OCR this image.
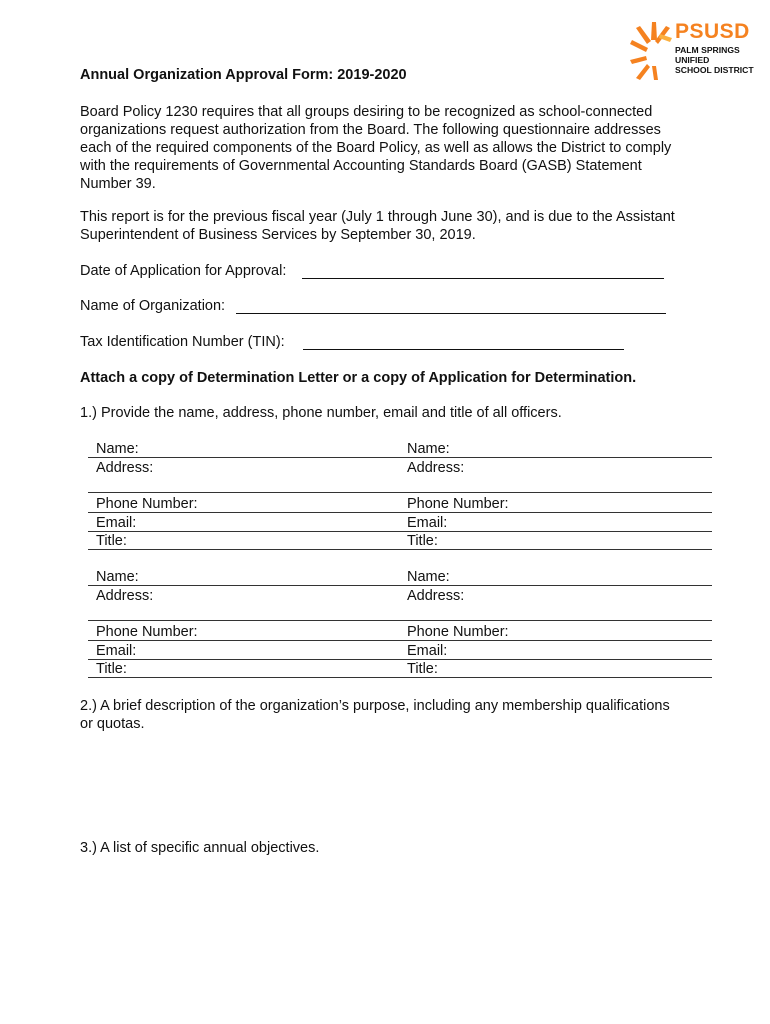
PSUSD
PALM SPRINGS
UNIFIED
SCHOOL DISTRICT
Annual Organization Approval Form: 2019-2020
Board Policy 1230 requires that all groups desiring to be recognized as school-connected organizations request authorization from the Board. The following questionnaire addresses each of the required components of the Board Policy, as well as allows the District to comply with the requirements of Governmental Accounting Standards Board (GASB) Statement Number 39.
This report is for the previous fiscal year (July 1 through June 30), and is due to the Assistant Superintendent of Business Services by September 30, 2019.
Date of Application for Approval:
Name of Organization:
Tax Identification Number (TIN):
Attach a copy of Determination Letter or a copy of Application for Determination.
1.) Provide the name, address, phone number, email and title of all officers.
Name:	Name:
Address:	Address:
Phone Number:	Phone Number:
Email:	Email:
Title:	Title:
Name:	Name:
Address:	Address:
Phone Number:	Phone Number:
Email:	Email:
Title:	Title:
2.) A brief description of the organization’s purpose, including any membership qualifications or quotas.
3.) A list of specific annual objectives.
